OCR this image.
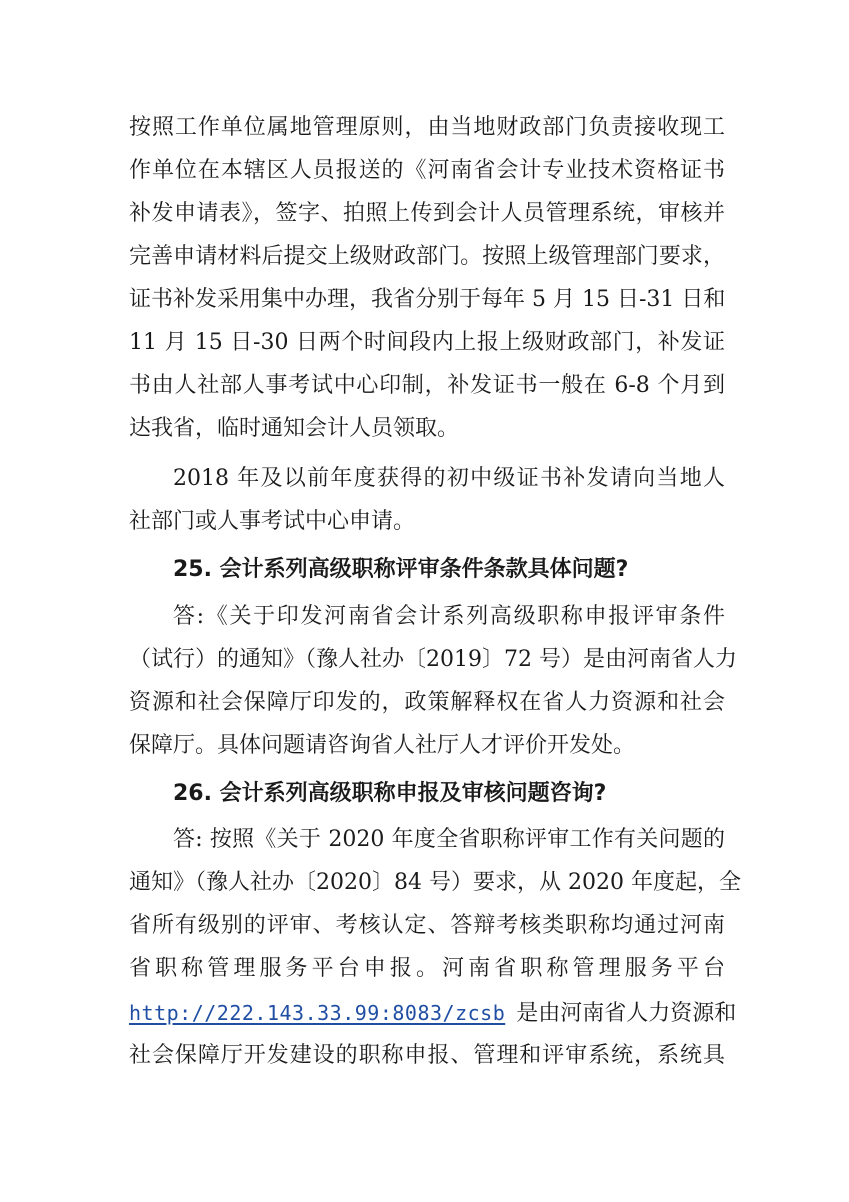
按照工作单位属地管理原则，由当地财政部门负责接收现工
作单位在本辖区人员报送的《河南省会计专业技术资格证书
补发申请表》，签字、拍照上传到会计人员管理系统，审核并
完善申请材料后提交上级财政部门。按照上级管理部门要求，
证书补发采用集中办理，我省分别于每年 5 月 15 日-31 日和
11 月 15 日-30 日两个时间段内上报上级财政部门，补发证
书由人社部人事考试中心印制，补发证书一般在 6-8 个月到
达我省，临时通知会计人员领取。
2018 年及以前年度获得的初中级证书补发请向当地人
社部门或人事考试中心申请。
25. 会计系列高级职称评审条件条款具体问题?
答:《关于印发河南省会计系列高级职称申报评审条件
（试行）的通知》（豫人社办〔2019〕72 号）是由河南省人力
资源和社会保障厅印发的，政策解释权在省人力资源和社会
保障厅。具体问题请咨询省人社厅人才评价开发处。
26. 会计系列高级职称申报及审核问题咨询?
答: 按照《关于 2020 年度全省职称评审工作有关问题的
通知》（豫人社办〔2020〕84 号）要求，从 2020 年度起，全
省所有级别的评审、考核认定、答辩考核类职称均通过河南
省职称管理服务平台申报。河南省职称管理服务平台
http://222.143.33.99:8083/zcsb 是由河南省人力资源和
社会保障厅开发建设的职称申报、管理和评审系统，系统具
